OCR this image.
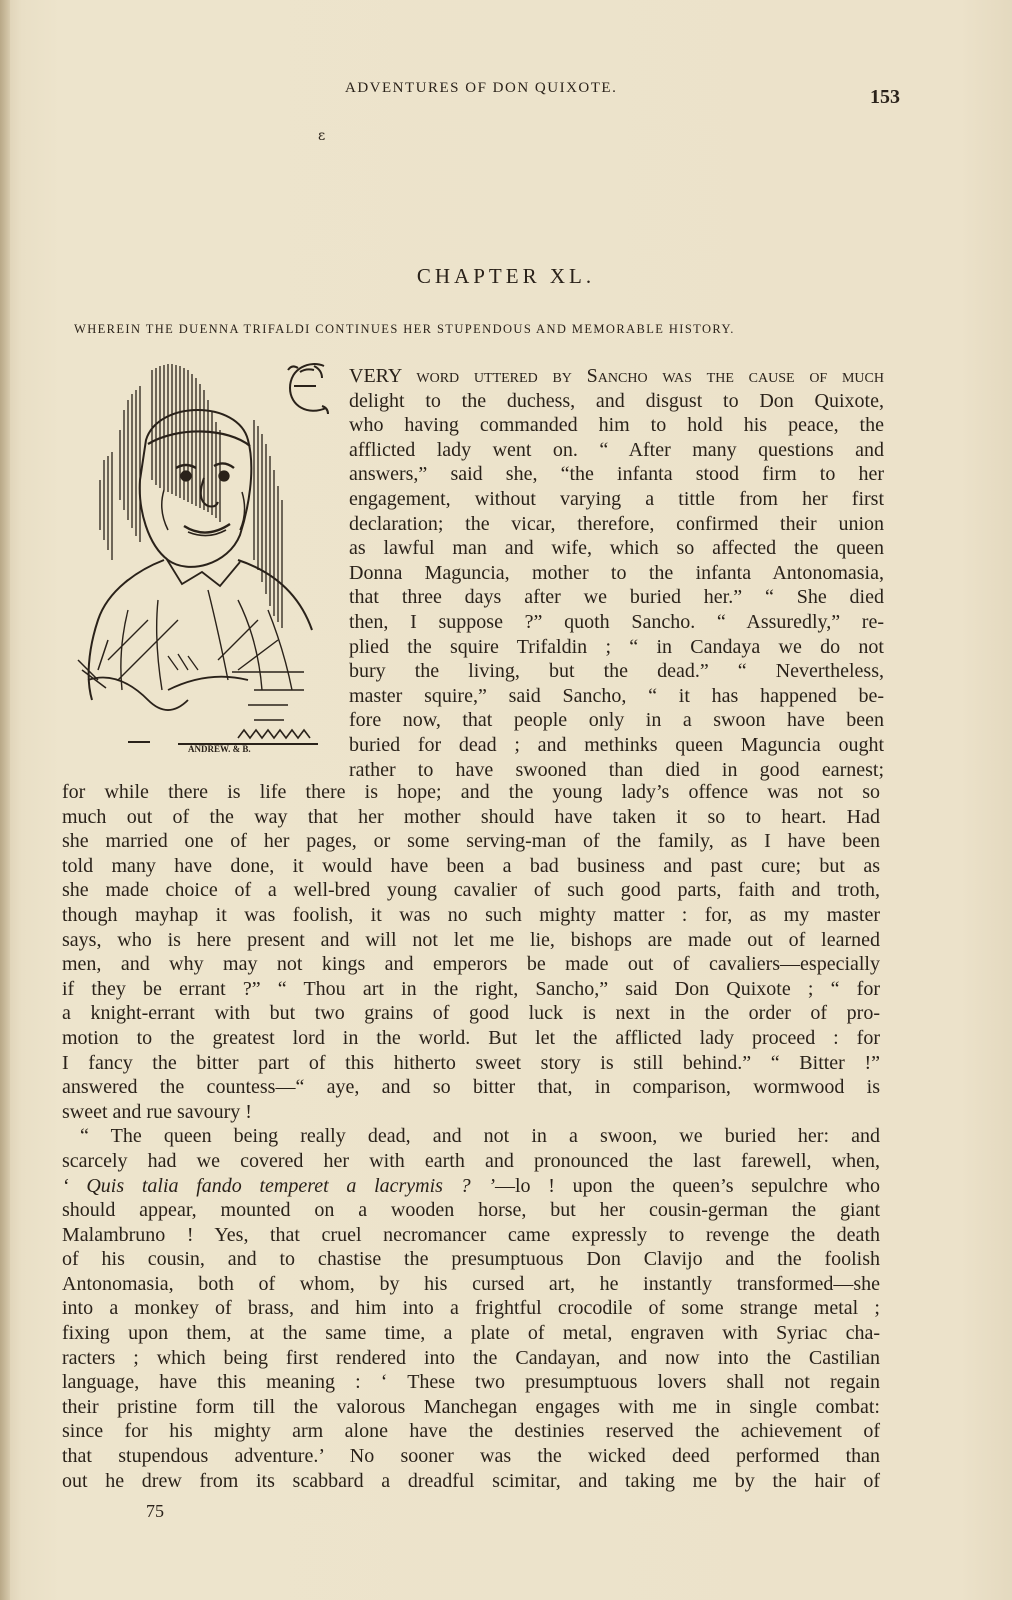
ADVENTURES OF DON QUIXOTE.	153
ɛ
CHAPTER XL.
WHEREIN THE DUENNA TRIFALDI CONTINUES HER STUPENDOUS AND MEMORABLE HISTORY.
ANDREW. & B.
VERY word uttered by Sancho was the cause of much
delight to the duchess, and disgust to Don Quixote,
who having commanded him to hold his peace, the
afflicted lady went on. “ After many questions and
answers,” said she, “the infanta stood firm to her
engagement, without varying a tittle from her first
declaration; the vicar, therefore, confirmed their union
as lawful man and wife, which so affected the queen
Donna Maguncia, mother to the infanta Antonomasia,
that three days after we buried her.” “ She died
then, I suppose ?” quoth Sancho. “ Assuredly,” re-
plied the squire Trifaldin ; “ in Candaya we do not
bury the living, but the dead.” “ Nevertheless,
master squire,” said Sancho, “ it has happened be-
fore now, that people only in a swoon have been
buried for dead ; and methinks queen Maguncia ought
rather to have swooned than died in good earnest;
for while there is life there is hope; and the young lady’s offence was not so
much out of the way that her mother should have taken it so to heart. Had
she married one of her pages, or some serving-man of the family, as I have been
told many have done, it would have been a bad business and past cure; but as
she made choice of a well-bred young cavalier of such good parts, faith and troth,
though mayhap it was foolish, it was no such mighty matter : for, as my master
says, who is here present and will not let me lie, bishops are made out of learned
men, and why may not kings and emperors be made out of cavaliers—especially
if they be errant ?” “ Thou art in the right, Sancho,” said Don Quixote ; “ for
a knight-errant with but two grains of good luck is next in the order of pro-
motion to the greatest lord in the world. But let the afflicted lady proceed : for
I fancy the bitter part of this hitherto sweet story is still behind.” “ Bitter !”
answered the countess—“ aye, and so bitter that, in comparison, wormwood is
sweet and rue savoury !
“ The queen being really dead, and not in a swoon, we buried her: and
scarcely had we covered her with earth and pronounced the last farewell, when,
‘ Quis talia fando temperet a lacrymis ? ’—lo ! upon the queen’s sepulchre who
should appear, mounted on a wooden horse, but her cousin-german the giant
Malambruno ! Yes, that cruel necromancer came expressly to revenge the death
of his cousin, and to chastise the presumptuous Don Clavijo and the foolish
Antonomasia, both of whom, by his cursed art, he instantly transformed—she
into a monkey of brass, and him into a frightful crocodile of some strange metal ;
fixing upon them, at the same time, a plate of metal, engraven with Syriac cha-
racters ; which being first rendered into the Candayan, and now into the Castilian
language, have this meaning : ‘ These two presumptuous lovers shall not regain
their pristine form till the valorous Manchegan engages with me in single combat:
since for his mighty arm alone have the destinies reserved the achievement of
that stupendous adventure.’ No sooner was the wicked deed performed than
out he drew from its scabbard a dreadful scimitar, and taking me by the hair of
75
